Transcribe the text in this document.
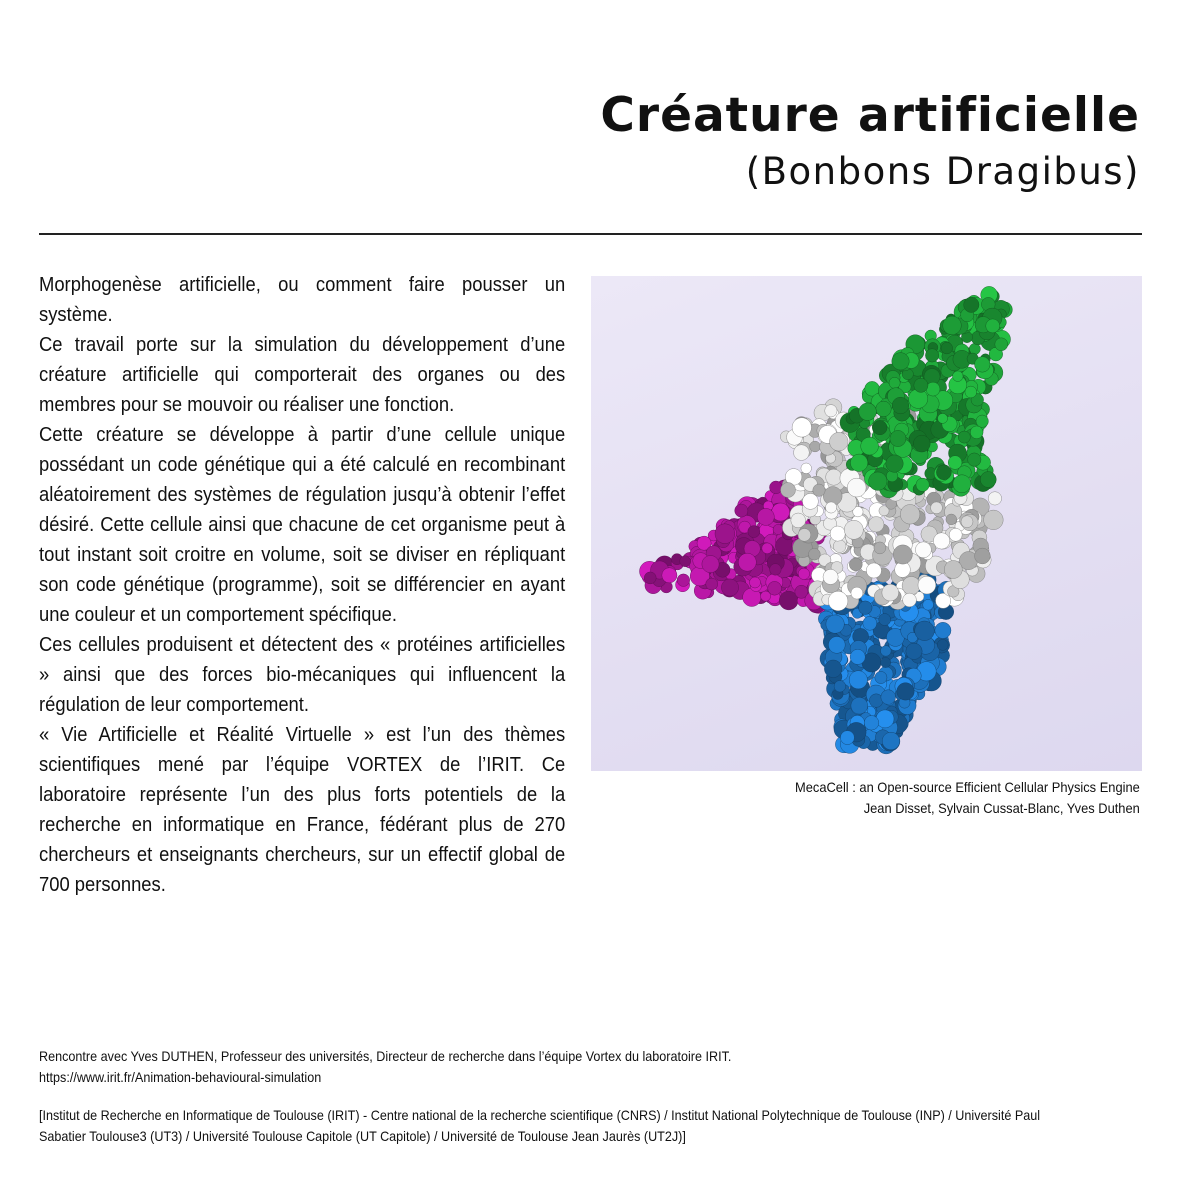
Créature artificielle
(Bonbons Dragibus)

Morphogenèse artificielle, ou comment faire pousser un système.

Ce travail porte sur la simulation du développement d’une créature artificielle qui comporterait des organes ou des membres pour se mouvoir ou réaliser une fonction.

Cette créature se développe à partir d’une cellule unique possédant un code génétique qui a été calculé en recombinant aléatoirement des systèmes de régulation jusqu’à obtenir l’effet désiré. Cette cellule ainsi que chacune de cet organisme peut à tout instant soit croitre en volume, soit se diviser en répliquant son code génétique (programme), soit se différencier en ayant une couleur et un comportement spécifique.

Ces cellules produisent et détectent des « protéines artificielles » ainsi que des forces bio-mécaniques qui influencent la régulation de leur comportement.

« Vie Artificielle et Réalité Virtuelle » est l’un des thèmes scientifiques mené par l’équipe VORTEX de l’IRIT. Ce laboratoire représente l’un des plus forts potentiels de la recherche en informatique en France, fédérant plus de 270 chercheurs et enseignants chercheurs, sur un effectif global de 700 personnes.

MecaCell : an Open-source Efficient Cellular Physics Engine
Jean Disset, Sylvain Cussat-Blanc, Yves Duthen
Rencontre avec Yves DUTHEN, Professeur des universités, Directeur de recherche dans l’équipe Vortex du laboratoire IRIT.
https://www.irit.fr/Animation-behavioural-simulation
[Institut de Recherche en Informatique de Toulouse (IRIT) - Centre national de la recherche scientifique (CNRS) / Institut National Polytechnique de Toulouse (INP) / Université Paul
Sabatier Toulouse3 (UT3) / Université Toulouse Capitole (UT Capitole) / Université de Toulouse Jean Jaurès (UT2J)]
